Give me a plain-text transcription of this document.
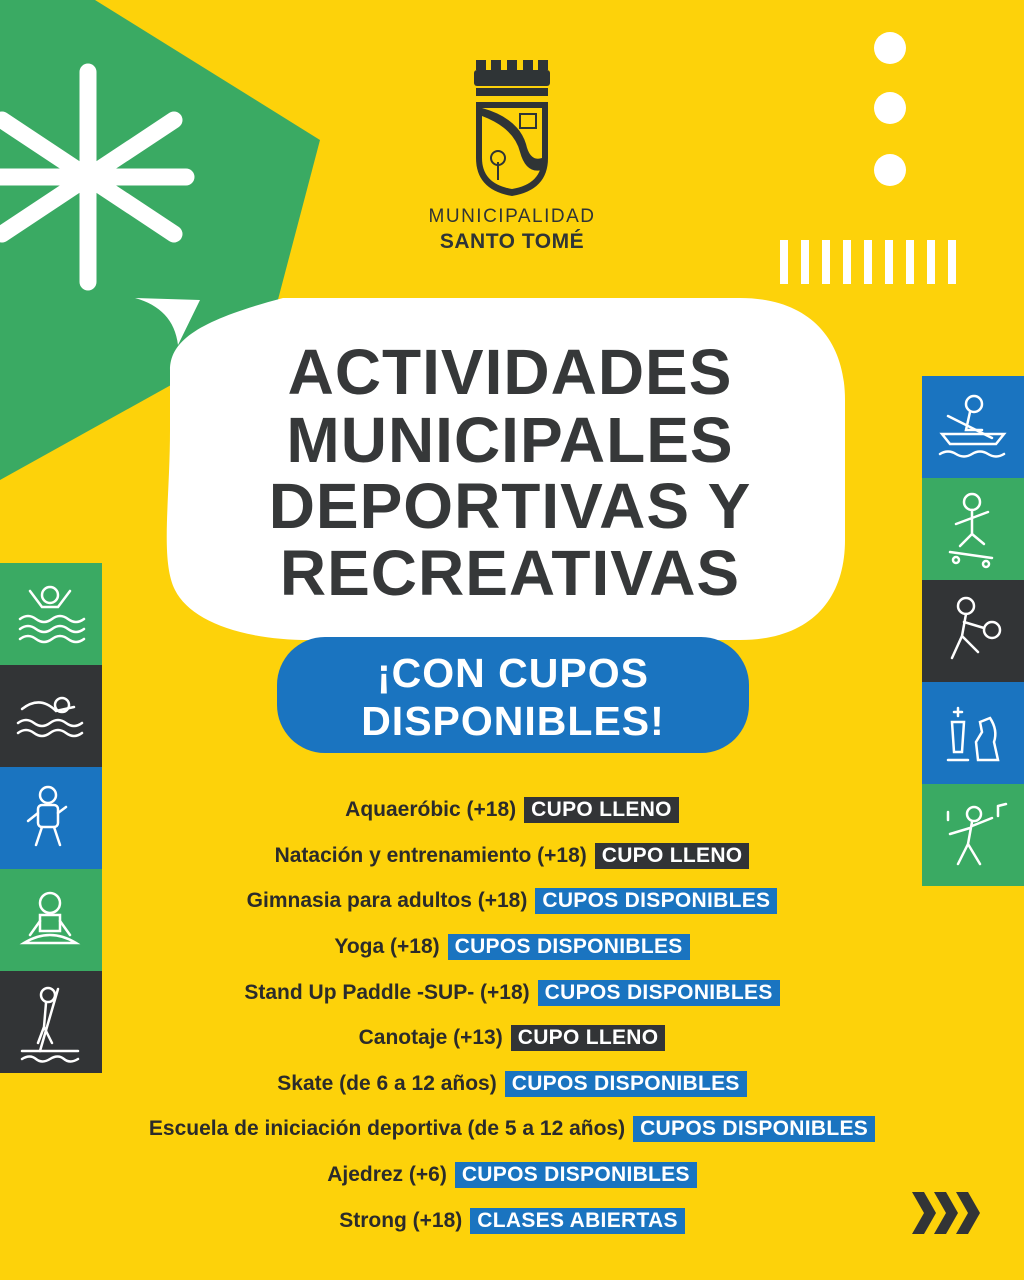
MUNICIPALIDAD
SANTO TOMÉ
ACTIVIDADES
MUNICIPALES
DEPORTIVAS Y
RECREATIVAS
¡CON CUPOS
DISPONIBLES!
Aquaeróbic (+18) CUPO LLENO
Natación y entrenamiento (+18) CUPO LLENO
Gimnasia para adultos (+18) CUPOS DISPONIBLES
Yoga (+18) CUPOS DISPONIBLES
Stand Up Paddle -SUP- (+18) CUPOS DISPONIBLES
Canotaje (+13) CUPO LLENO
Skate (de 6 a 12 años) CUPOS DISPONIBLES
Escuela de iniciación deportiva (de 5 a 12 años) CUPOS DISPONIBLES
Ajedrez (+6) CUPOS DISPONIBLES
Strong (+18) CLASES ABIERTAS
